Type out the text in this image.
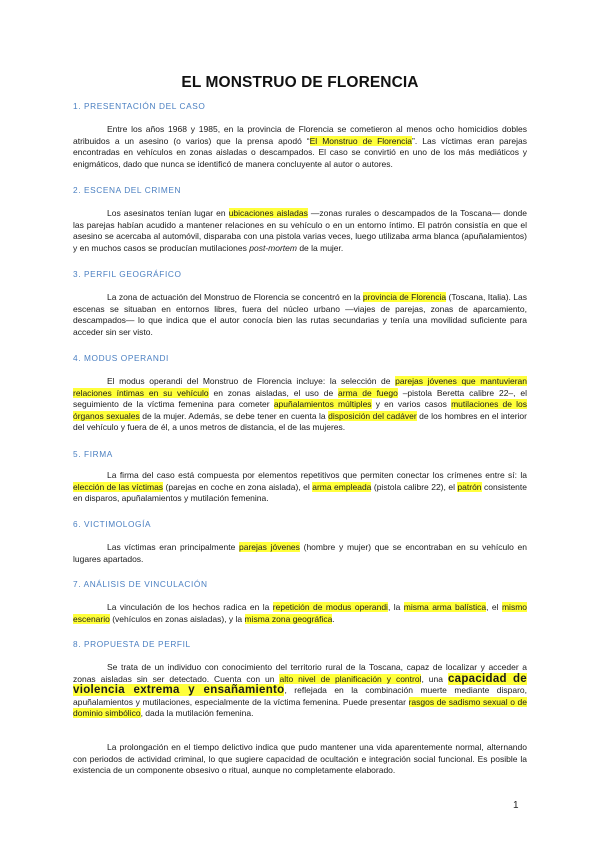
EL MONSTRUO DE FLORENCIA
1. PRESENTACIÓN DEL CASO
Entre los años 1968 y 1985, en la provincia de Florencia se cometieron al menos ocho homicidios dobles atribuidos a un asesino (o varios) que la prensa apodó “El Monstruo de Florencia”. Las víctimas eran parejas encontradas en vehículos en zonas aisladas o descampados. El caso se convirtió en uno de los más mediáticos y enigmáticos, dado que nunca se identificó de manera concluyente al autor o autores.
2. ESCENA DEL CRIMEN
Los asesinatos tenían lugar en ubicaciones aisladas —zonas rurales o descampados de la Toscana— donde las parejas habían acudido a mantener relaciones en su vehículo o en un entorno íntimo. El patrón consistía en que el asesino se acercaba al automóvil, disparaba con una pistola varias veces, luego utilizaba arma blanca (apuñalamientos) y en muchos casos se producían mutilaciones post-mortem de la mujer.
3. PERFIL GEOGRÁFICO
La zona de actuación del Monstruo de Florencia se concentró en la provincia de Florencia (Toscana, Italia). Las escenas se situaban en entornos libres, fuera del núcleo urbano —viajes de parejas, zonas de aparcamiento, descampados— lo que indica que el autor conocía bien las rutas secundarias y tenía una movilidad suficiente para acceder sin ser visto.
4. MODUS OPERANDI
El modus operandi del Monstruo de Florencia incluye: la selección de parejas jóvenes que mantuvieran relaciones íntimas en su vehículo en zonas aisladas, el uso de arma de fuego –pistola Beretta calibre 22–, el seguimiento de la víctima femenina para cometer apuñalamientos múltiples y en varios casos mutilaciones de los órganos sexuales de la mujer. Además, se debe tener en cuenta la disposición del cadáver de los hombres en el interior del vehículo y fuera de él, a unos metros de distancia, el de las mujeres.
5. FIRMA
La firma del caso está compuesta por elementos repetitivos que permiten conectar los crímenes entre sí: la elección de las víctimas (parejas en coche en zona aislada), el arma empleada (pistola calibre 22), el patrón consistente en disparos, apuñalamientos y mutilación femenina.
6. VICTIMOLOGÍA
Las víctimas eran principalmente parejas jóvenes (hombre y mujer) que se encontraban en su vehículo en lugares apartados.
7. ANÁLISIS DE VINCULACIÓN
La vinculación de los hechos radica en la repetición de modus operandi, la misma arma balística, el mismo escenario (vehículos en zonas aisladas), y la misma zona geográfica.
8. PROPUESTA DE PERFIL
Se trata de un individuo con conocimiento del territorio rural de la Toscana, capaz de localizar y acceder a zonas aisladas sin ser detectado. Cuenta con un alto nivel de planificación y control, una capacidad de violencia extrema y ensañamiento, reflejada en la combinación muerte mediante disparo, apuñalamientos y mutilaciones, especialmente de la víctima femenina. Puede presentar rasgos de sadismo sexual o de dominio simbólico, dada la mutilación femenina.
La prolongación en el tiempo delictivo indica que pudo mantener una vida aparentemente normal, alternando con periodos de actividad criminal, lo que sugiere capacidad de ocultación e integración social funcional. Es posible la existencia de un componente obsesivo o ritual, aunque no completamente elaborado.
1
